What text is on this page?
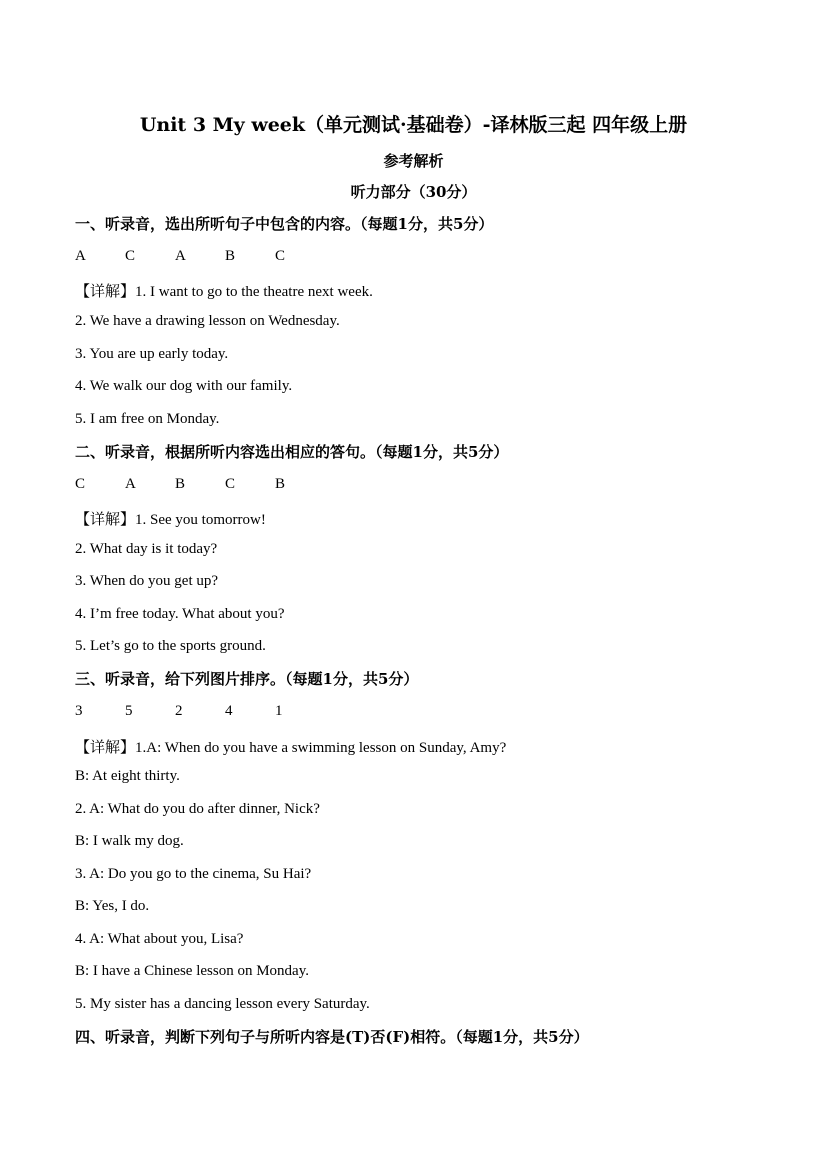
Unit 3 My week（单元测试·基础卷）-译林版三起 四年级上册
参考解析
听力部分（30分）
一、听录音，选出所听句子中包含的内容。（每题1分，共5分）
A	C	A	B	C
【详解】1. I want to go to the theatre next week.
2. We have a drawing lesson on Wednesday.
3. You are up early today.
4. We walk our dog with our family.
5. I am free on Monday.
二、听录音，根据所听内容选出相应的答句。（每题1分，共5分）
C	A	B	C	B
【详解】1. See you tomorrow!
2. What day is it today?
3. When do you get up?
4. I’m free today. What about you?
5. Let’s go to the sports ground.
三、听录音，给下列图片排序。（每题1分，共5分）
3	5	2	4	1
【详解】1.A: When do you have a swimming lesson on Sunday, Amy?
B: At eight thirty.
2. A: What do you do after dinner, Nick?
B: I walk my dog.
3. A: Do you go to the cinema, Su Hai?
B: Yes, I do.
4. A: What about you, Lisa?
B: I have a Chinese lesson on Monday.
5. My sister has a dancing lesson every Saturday.
四、听录音，判断下列句子与所听内容是(T)否(F)相符。（每题1分，共5分）
